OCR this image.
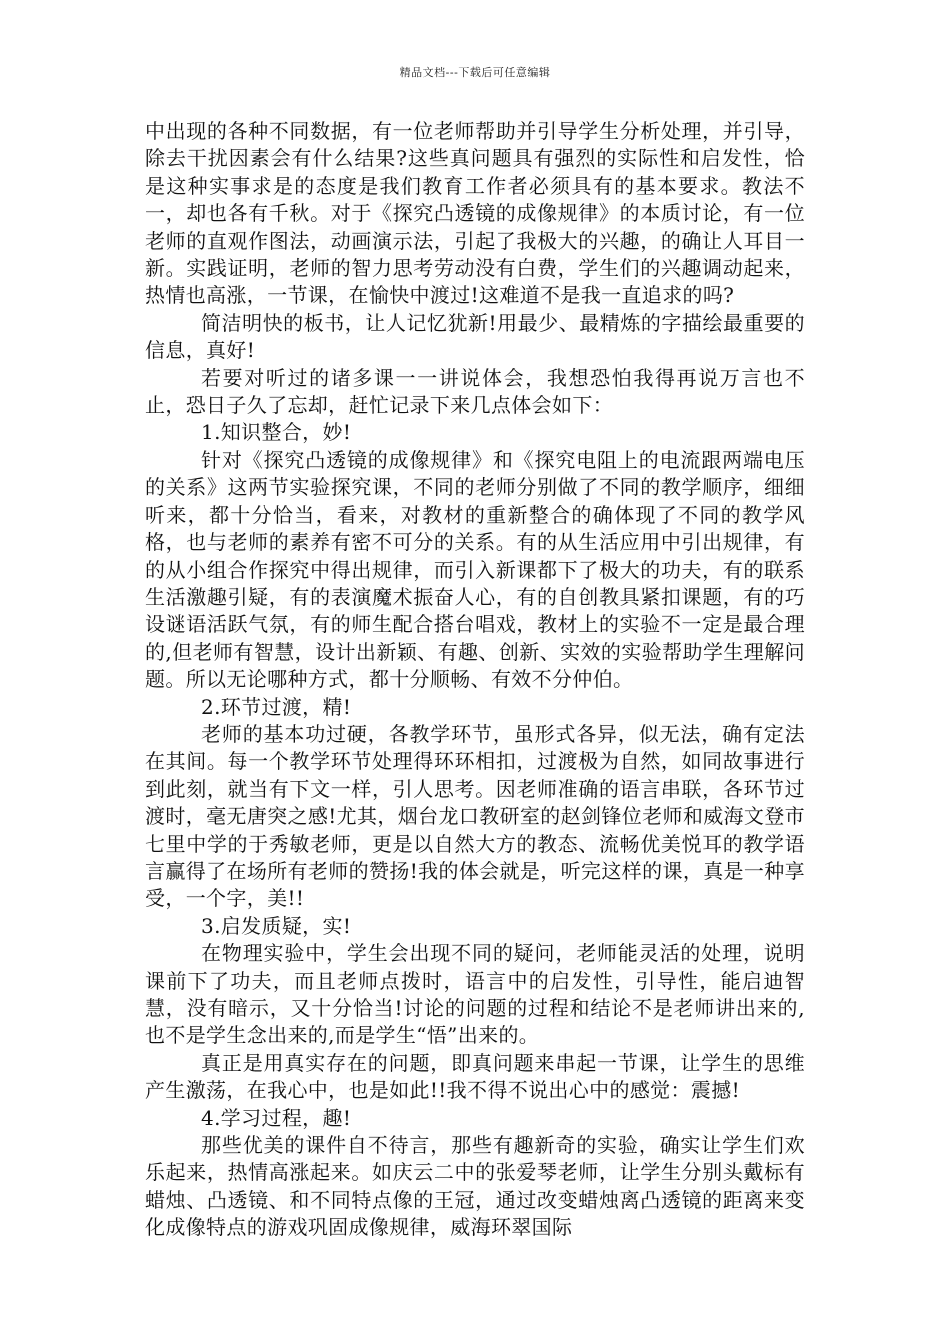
精品文档---下载后可任意编辑

中出现的各种不同数据，有一位老师帮助并引导学生分析处理，并引导，除去干扰因素会有什么结果?这些真问题具有强烈的实际性和启发性，恰是这种实事求是的态度是我们教育工作者必须具有的基本要求。教法不一，却也各有千秋。对于《探究凸透镜的成像规律》的本质讨论，有一位老师的直观作图法，动画演示法，引起了我极大的兴趣，的确让人耳目一新。实践证明，老师的智力思考劳动没有白费，学生们的兴趣调动起来，热情也高涨，一节课，在愉快中渡过!这难道不是我一直追求的吗?

简洁明快的板书，让人记忆犹新!用最少、最精炼的字描绘最重要的信息，真好!

若要对听过的诸多课一一讲说体会，我想恐怕我得再说万言也不止，恐日子久了忘却，赶忙记录下来几点体会如下：

1.知识整合，妙!

针对《探究凸透镜的成像规律》和《探究电阻上的电流跟两端电压的关系》这两节实验探究课，不同的老师分别做了不同的教学顺序，细细听来，都十分恰当，看来，对教材的重新整合的确体现了不同的教学风格，也与老师的素养有密不可分的关系。有的从生活应用中引出规律，有的从小组合作探究中得出规律，而引入新课都下了极大的功夫，有的联系生活激趣引疑，有的表演魔术振奋人心，有的自创教具紧扣课题，有的巧设谜语活跃气氛，有的师生配合搭台唱戏，教材上的实验不一定是最合理的,但老师有智慧，设计出新颖、有趣、创新、实效的实验帮助学生理解问题。所以无论哪种方式，都十分顺畅、有效不分仲伯。

2.环节过渡，精!

老师的基本功过硬，各教学环节，虽形式各异，似无法，确有定法在其间。每一个教学环节处理得环环相扣，过渡极为自然，如同故事进行到此刻，就当有下文一样，引人思考。因老师准确的语言串联，各环节过渡时，毫无唐突之感!尤其，烟台龙口教研室的赵剑锋位老师和威海文登市七里中学的于秀敏老师，更是以自然大方的教态、流畅优美悦耳的教学语言赢得了在场所有老师的赞扬!我的体会就是，听完这样的课，真是一种享受，一个字，美!!

3.启发质疑，实!

在物理实验中，学生会出现不同的疑问，老师能灵活的处理，说明课前下了功夫，而且老师点拨时，语言中的启发性，引导性，能启迪智慧，没有暗示，又十分恰当!讨论的问题的过程和结论不是老师讲出来的,也不是学生念出来的,而是学生“悟”出来的。

真正是用真实存在的问题，即真问题来串起一节课，让学生的思维产生激荡，在我心中，也是如此!!我不得不说出心中的感觉：震撼!

4.学习过程，趣!

那些优美的课件自不待言，那些有趣新奇的实验，确实让学生们欢乐起来，热情高涨起来。如庆云二中的张爱琴老师，让学生分别头戴标有蜡烛、凸透镜、和不同特点像的王冠，通过改变蜡烛离凸透镜的距离来变化成像特点的游戏巩固成像规律，威海环翠国际
